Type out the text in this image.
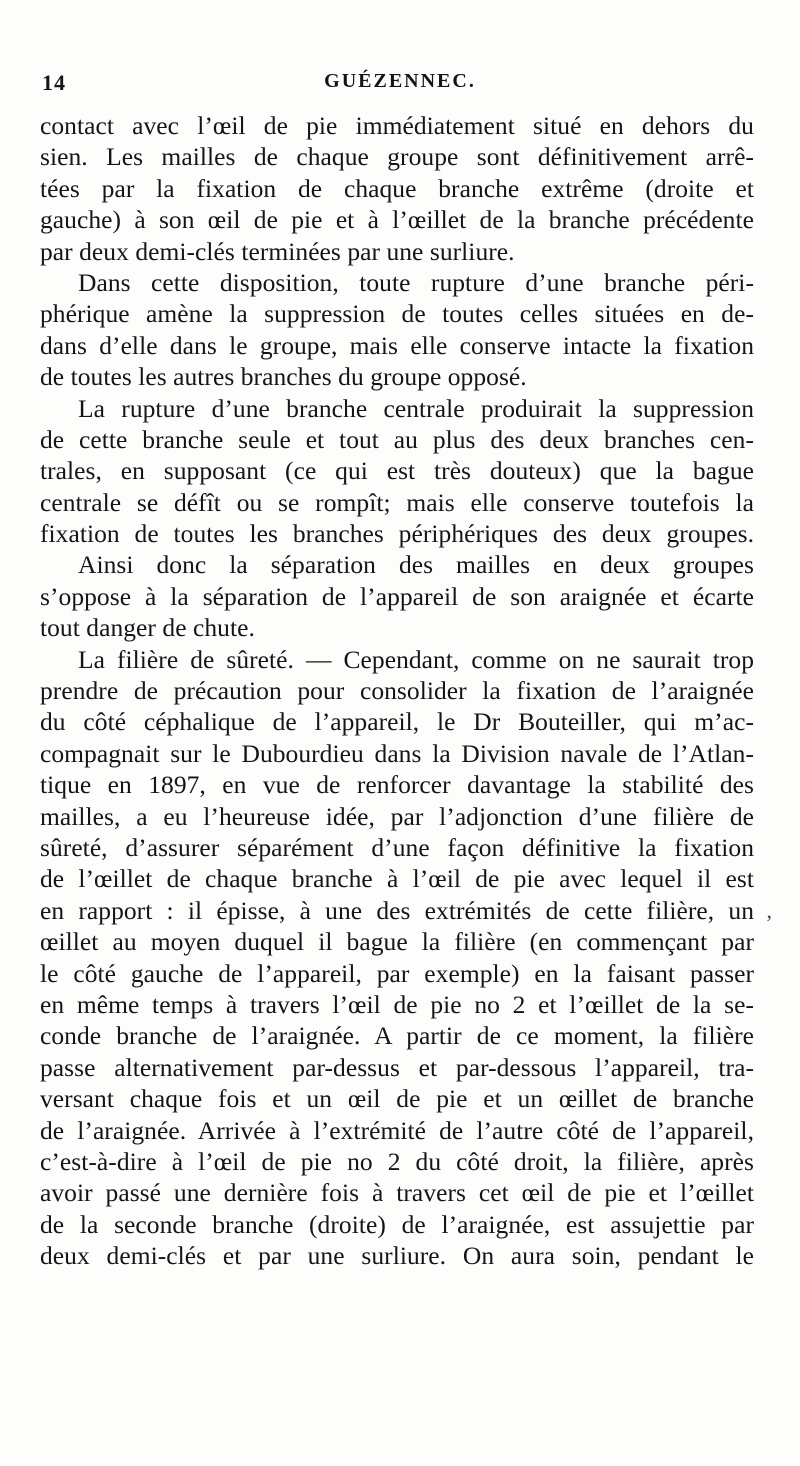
14	GUÉZENNEC.
contact avec l’œil de pie immédiatement situé en dehors du
sien. Les mailles de chaque groupe sont définitivement arrê-
tées par la fixation de chaque branche extrême (droite et
gauche) à son œil de pie et à l’œillet de la branche précédente
par deux demi-clés terminées par une surliure.
Dans cette disposition, toute rupture d’une branche péri-
phérique amène la suppression de toutes celles situées en de-
dans d’elle dans le groupe, mais elle conserve intacte la fixation
de toutes les autres branches du groupe opposé.
La rupture d’une branche centrale produirait la suppression
de cette branche seule et tout au plus des deux branches cen-
trales, en supposant (ce qui est très douteux) que la bague
centrale se défît ou se rompît; mais elle conserve toutefois la
fixation de toutes les branches périphériques des deux groupes.
Ainsi donc la séparation des mailles en deux groupes
s’oppose à la séparation de l’appareil de son araignée et écarte
tout danger de chute.
La filière de sûreté. — Cependant, comme on ne saurait trop
prendre de précaution pour consolider la fixation de l’araignée
du côté céphalique de l’appareil, le Dr Bouteiller, qui m’ac-
compagnait sur le Dubourdieu dans la Division navale de l’Atlan-
tique en 1897, en vue de renforcer davantage la stabilité des
mailles, a eu l’heureuse idée, par l’adjonction d’une filière de
sûreté, d’assurer séparément d’une façon définitive la fixation
de l’œillet de chaque branche à l’œil de pie avec lequel il est
en rapport : il épisse, à une des extrémités de cette filière, un
œillet au moyen duquel il bague la filière (en commençant par
le côté gauche de l’appareil, par exemple) en la faisant passer
en même temps à travers l’œil de pie no 2 et l’œillet de la se-
conde branche de l’araignée. A partir de ce moment, la filière
passe alternativement par-dessus et par-dessous l’appareil, tra-
versant chaque fois et un œil de pie et un œillet de branche
de l’araignée. Arrivée à l’extrémité de l’autre côté de l’appareil,
c’est-à-dire à l’œil de pie no 2 du côté droit, la filière, après
avoir passé une dernière fois à travers cet œil de pie et l’œillet
de la seconde branche (droite) de l’araignée, est assujettie par
deux demi-clés et par une surliure. On aura soin, pendant le
,
